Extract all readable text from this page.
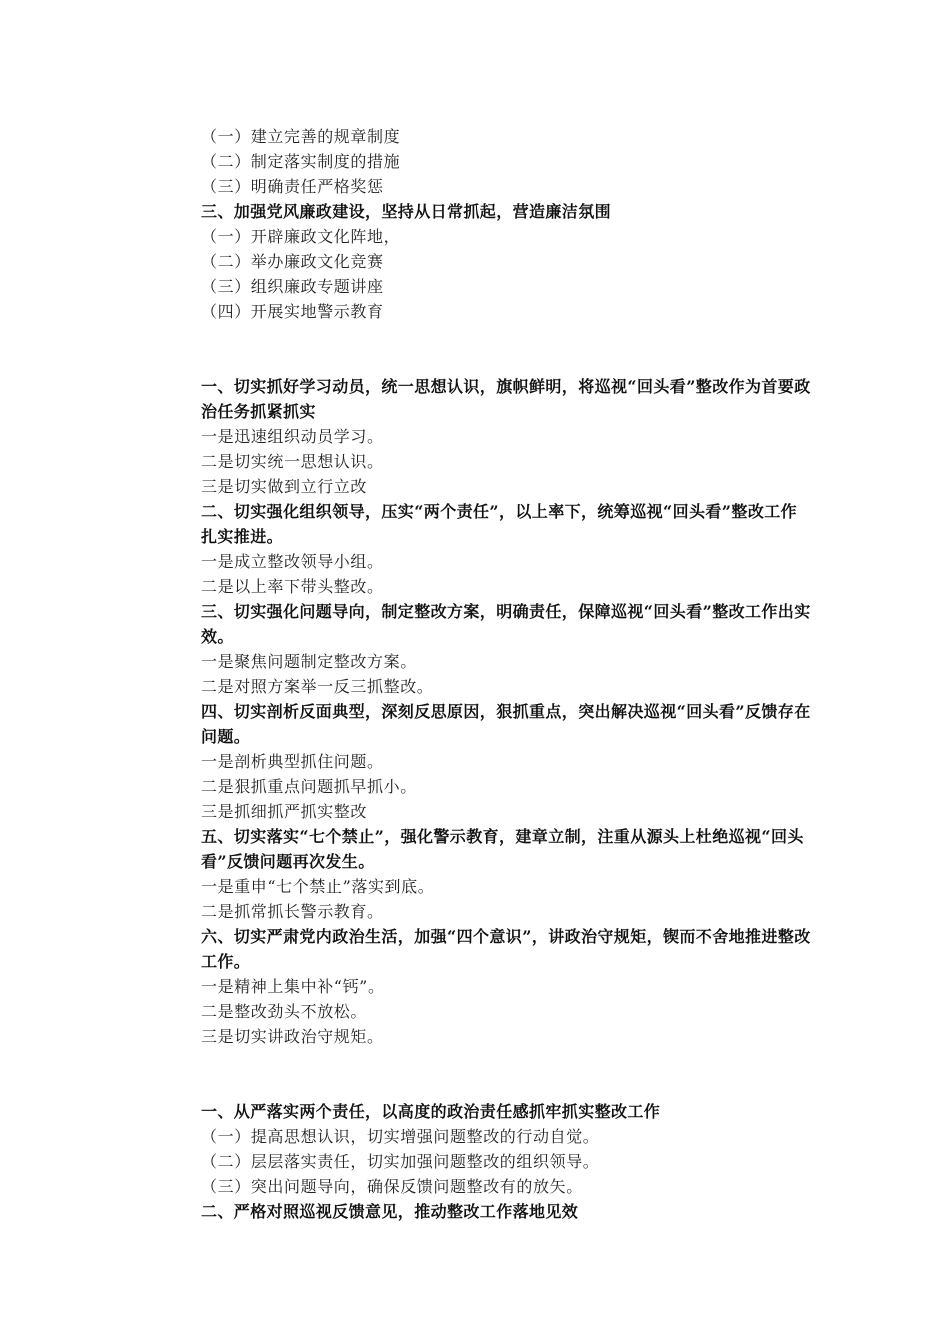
（一）建立完善的规章制度
（二）制定落实制度的措施
（三）明确责任严格奖惩
三、加强党风廉政建设，坚持从日常抓起，营造廉洁氛围
（一）开辟廉政文化阵地，
（二）举办廉政文化竞赛
（三）组织廉政专题讲座
（四）开展实地警示教育
一、切实抓好学习动员，统一思想认识，旗帜鲜明，将巡视“回头看”整改作为首要政治任务抓紧抓实
一是迅速组织动员学习。
二是切实统一思想认识。
三是切实做到立行立改
二、切实强化组织领导，压实“两个责任”，以上率下，统筹巡视“回头看”整改工作扎实推进。
一是成立整改领导小组。
二是以上率下带头整改。
三、切实强化问题导向，制定整改方案，明确责任，保障巡视“回头看”整改工作出实效。
一是聚焦问题制定整改方案。
二是对照方案举一反三抓整改。
四、切实剖析反面典型，深刻反思原因，狠抓重点，突出解决巡视“回头看”反馈存在问题。
一是剖析典型抓住问题。
二是狠抓重点问题抓早抓小。
三是抓细抓严抓实整改
五、切实落实“七个禁止”，强化警示教育，建章立制，注重从源头上杜绝巡视“回头看”反馈问题再次发生。
一是重申“七个禁止”落实到底。
二是抓常抓长警示教育。
六、切实严肃党内政治生活，加强“四个意识”，讲政治守规矩，锲而不舍地推进整改工作。
一是精神上集中补“钙”。
二是整改劲头不放松。
三是切实讲政治守规矩。
一、从严落实两个责任，以高度的政治责任感抓牢抓实整改工作
（一）提高思想认识，切实增强问题整改的行动自觉。
（二）层层落实责任，切实加强问题整改的组织领导。
（三）突出问题导向，确保反馈问题整改有的放矢。
二、严格对照巡视反馈意见，推动整改工作落地见效
